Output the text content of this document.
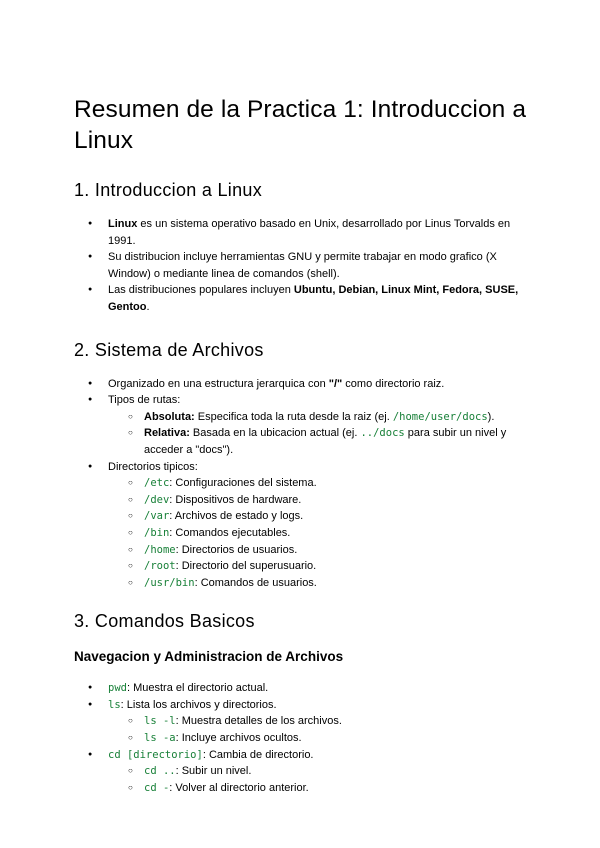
Resumen de la Practica 1: Introduccion a Linux
1. Introduccion a Linux
● Linux es un sistema operativo basado en Unix, desarrollado por Linus Torvalds en 1991.
● Su distribucion incluye herramientas GNU y permite trabajar en modo grafico (X Window) o mediante linea de comandos (shell).
● Las distribuciones populares incluyen Ubuntu, Debian, Linux Mint, Fedora, SUSE, Gentoo.
2. Sistema de Archivos
● Organizado en una estructura jerarquica con "/" como directorio raiz.
● Tipos de rutas:
○ Absoluta: Especifica toda la ruta desde la raiz (ej. /home/user/docs).
○ Relativa: Basada en la ubicacion actual (ej. ../docs para subir un nivel y acceder a "docs").
● Directorios tipicos:
○ /etc: Configuraciones del sistema.
○ /dev: Dispositivos de hardware.
○ /var: Archivos de estado y logs.
○ /bin: Comandos ejecutables.
○ /home: Directorios de usuarios.
○ /root: Directorio del superusuario.
○ /usr/bin: Comandos de usuarios.
3. Comandos Basicos
Navegacion y Administracion de Archivos
● pwd: Muestra el directorio actual.
● ls: Lista los archivos y directorios.
○ ls -l: Muestra detalles de los archivos.
○ ls -a: Incluye archivos ocultos.
● cd [directorio]: Cambia de directorio.
○ cd ..: Subir un nivel.
○ cd -: Volver al directorio anterior.
